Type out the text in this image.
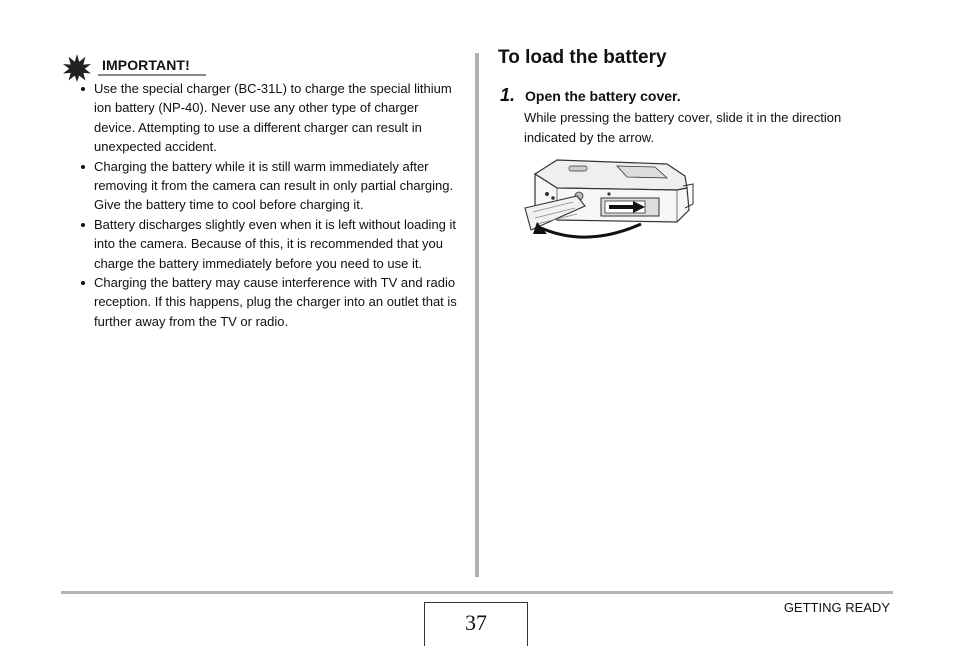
IMPORTANT!
Use the special charger (BC-31L) to charge the special lithium ion battery (NP-40). Never use any other type of charger device. Attempting to use a different charger can result in unexpected accident.
Charging the battery while it is still warm immediately after removing it from the camera can result in only partial charging. Give the battery time to cool before charging it.
Battery discharges slightly even when it is left without loading it into the camera. Because of this, it is recommended that you charge the battery immediately before you need to use it.
Charging the battery may cause interference with TV and radio reception. If this happens, plug the charger into an outlet that is further away from the TV or radio.
To load the battery
1. Open the battery cover.
While pressing the battery cover, slide it in the direction indicated by the arrow.
37
GETTING READY
